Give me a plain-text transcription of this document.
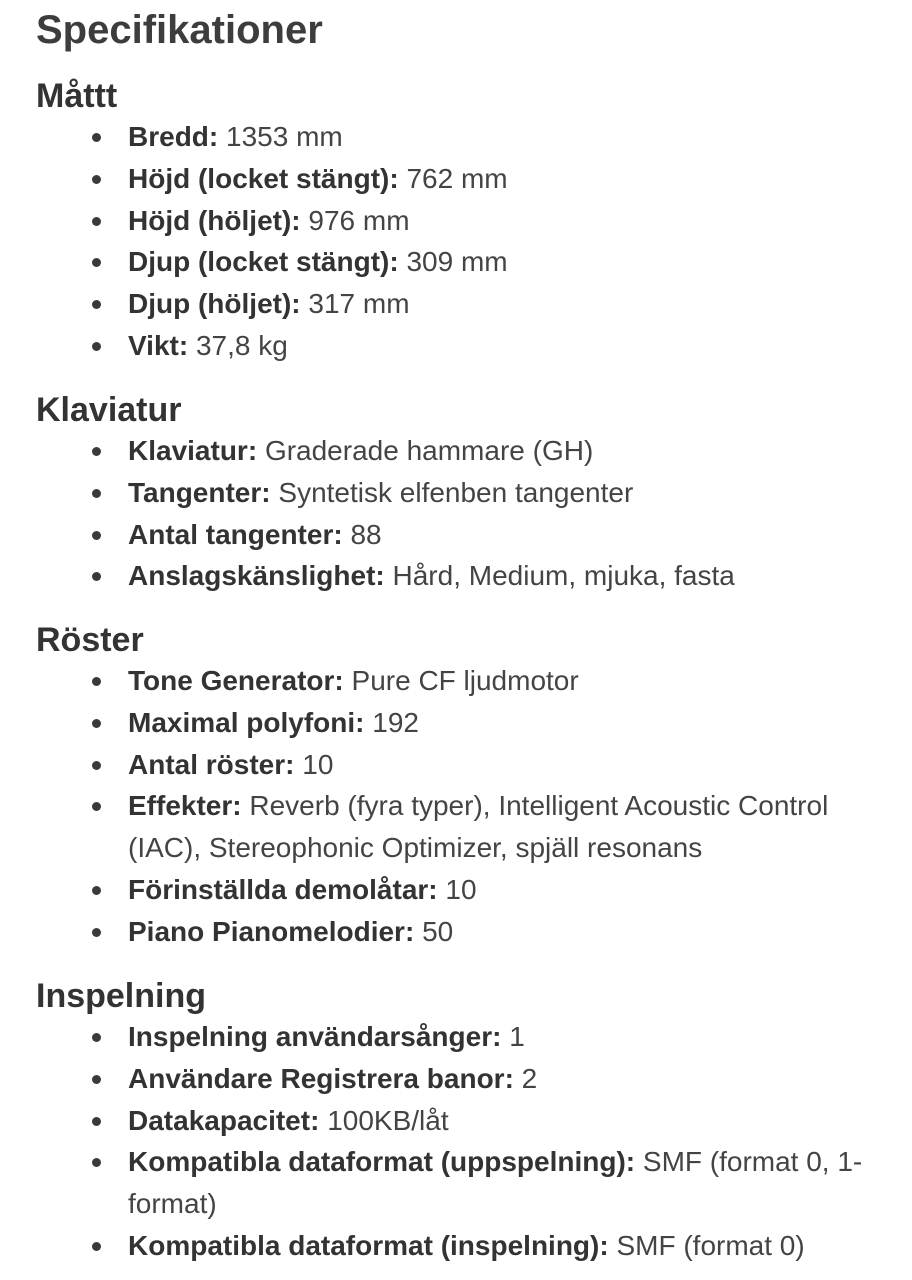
Specifikationer
Måttt
Bredd: 1353 mm
Höjd (locket stängt): 762 mm
Höjd (höljet): 976 mm
Djup (locket stängt): 309 mm
Djup (höljet): 317 mm
Vikt: 37,8 kg
Klaviatur
Klaviatur: Graderade hammare (GH)
Tangenter: Syntetisk elfenben tangenter
Antal tangenter: 88
Anslagskänslighet: Hård, Medium, mjuka, fasta
Röster
Tone Generator: Pure CF ljudmotor
Maximal polyfoni: 192
Antal röster: 10
Effekter: Reverb (fyra typer), Intelligent Acoustic Control (IAC), Stereophonic Optimizer, spjäll resonans
Förinställda demolåtar: 10
Piano Pianomelodier: 50
Inspelning
Inspelning användarsånger: 1
Användare Registrera banor: 2
Datakapacitet: 100KB/låt
Kompatibla dataformat (uppspelning): SMF (format 0, 1-format)
Kompatibla dataformat (inspelning): SMF (format 0)
